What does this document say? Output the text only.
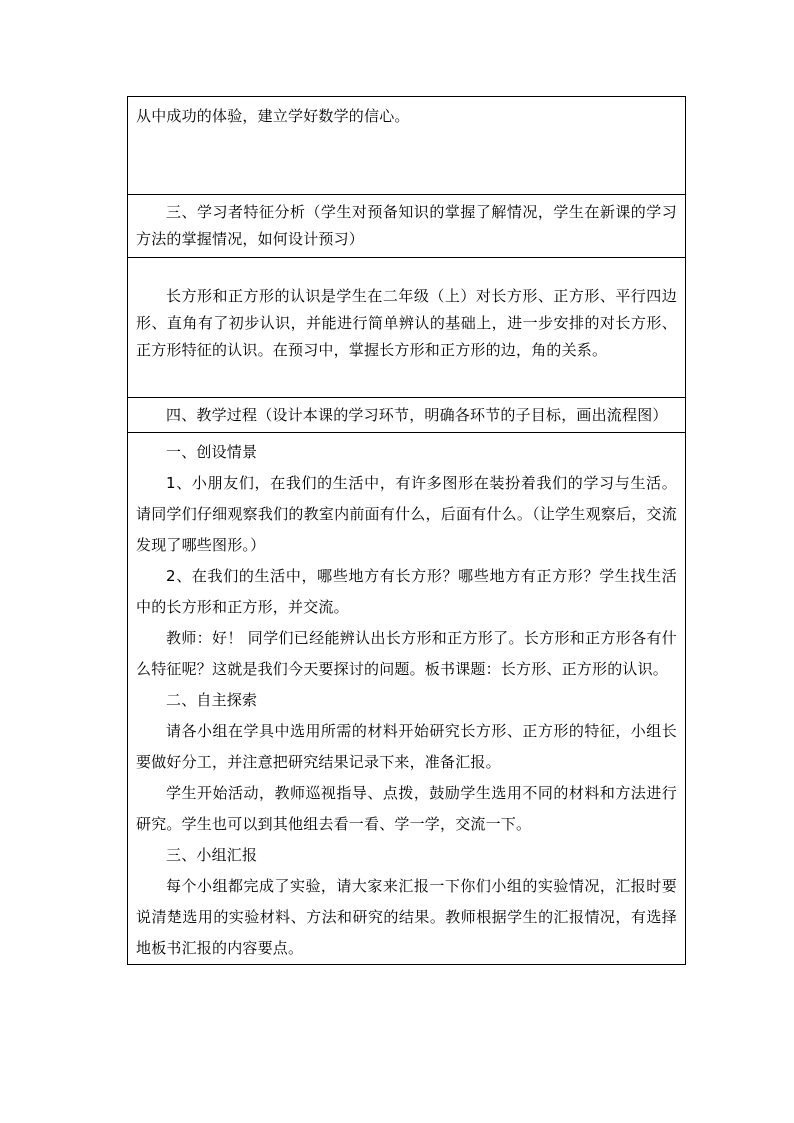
从中成功的体验，建立学好数学的信心。

三、学习者特征分析（学生对预备知识的掌握了解情况，学生在新课的学习方法的掌握情况，如何设计预习）

长方形和正方形的认识是学生在二年级（上）对长方形、正方形、平行四边形、直角有了初步认识，并能进行简单辨认的基础上，进一步安排的对长方形、正方形特征的认识。在预习中，掌握长方形和正方形的边，角的关系。

四、教学过程（设计本课的学习环节，明确各环节的子目标，画出流程图）

一、创设情景

1、小朋友们，在我们的生活中，有许多图形在装扮着我们的学习与生活。请同学们仔细观察我们的教室内前面有什么，后面有什么。（让学生观察后，交流发现了哪些图形。）

2、在我们的生活中，哪些地方有长方形？哪些地方有正方形？学生找生活中的长方形和正方形，并交流。

教师：好！ 同学们已经能辨认出长方形和正方形了。长方形和正方形各有什么特征呢？这就是我们今天要探讨的问题。板书课题：长方形、正方形的认识。

二、自主探索

请各小组在学具中选用所需的材料开始研究长方形、正方形的特征，小组长要做好分工，并注意把研究结果记录下来，准备汇报。

学生开始活动，教师巡视指导、点拨，鼓励学生选用不同的材料和方法进行研究。学生也可以到其他组去看一看、学一学，交流一下。

三、小组汇报

每个小组都完成了实验，请大家来汇报一下你们小组的实验情况，汇报时要说清楚选用的实验材料、方法和研究的结果。教师根据学生的汇报情况，有选择地板书汇报的内容要点。
